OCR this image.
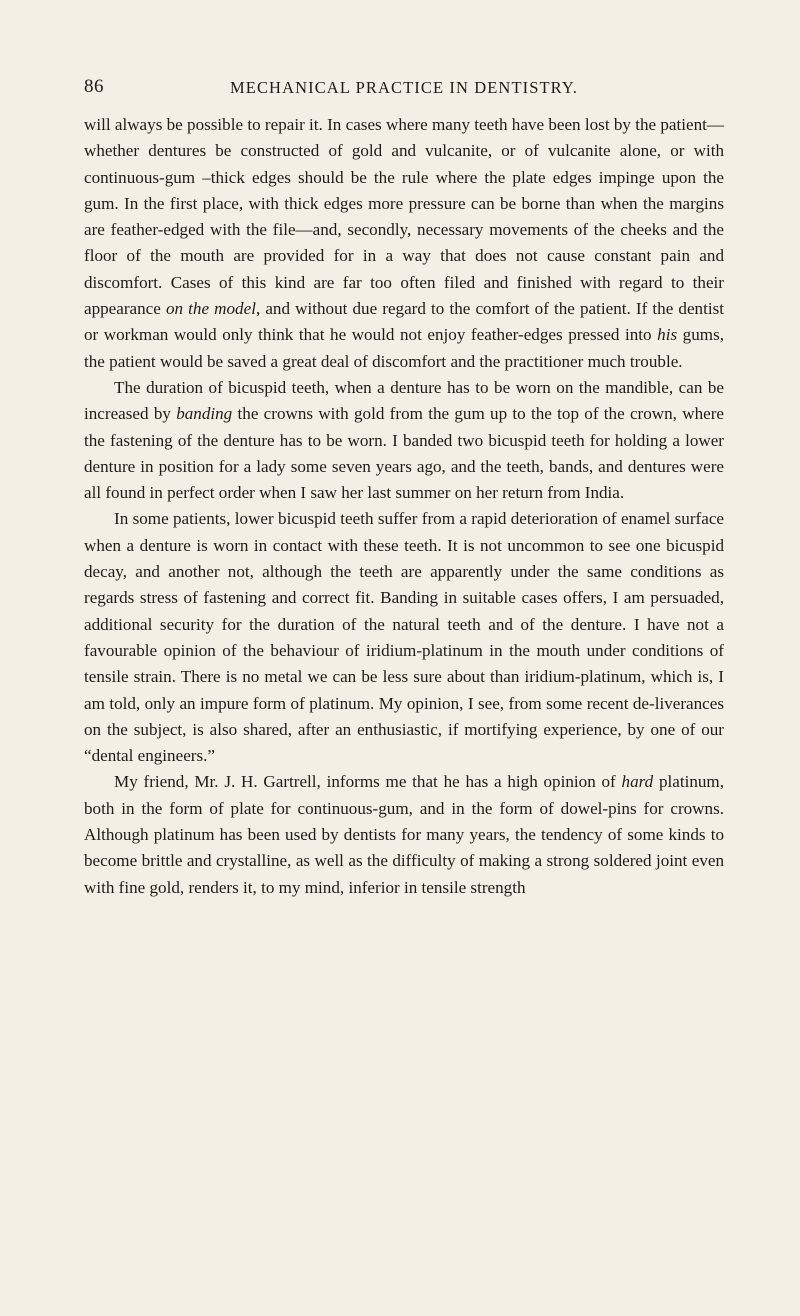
86	MECHANICAL PRACTICE IN DENTISTRY.

will always be possible to repair it. In cases where many teeth have been lost by the patient—whether dentures be constructed of gold and vulcanite, or of vulcanite alone, or with continuous-gum –thick edges should be the rule where the plate edges impinge upon the gum. In the first place, with thick edges more pressure can be borne than when the margins are feather-edged with the file—and, secondly, necessary movements of the cheeks and the floor of the mouth are provided for in a way that does not cause constant pain and discomfort. Cases of this kind are far too often filed and finished with regard to their appearance on the model, and without due regard to the comfort of the patient. If the dentist or workman would only think that he would not enjoy feather-edges pressed into his gums, the patient would be saved a great deal of discomfort and the practitioner much trouble.

The duration of bicuspid teeth, when a denture has to be worn on the mandible, can be increased by banding the crowns with gold from the gum up to the top of the crown, where the fastening of the denture has to be worn. I banded two bicuspid teeth for holding a lower denture in position for a lady some seven years ago, and the teeth, bands, and dentures were all found in perfect order when I saw her last summer on her return from India.

In some patients, lower bicuspid teeth suffer from a rapid deterioration of enamel surface when a denture is worn in contact with these teeth. It is not uncommon to see one bicuspid decay, and another not, although the teeth are apparently under the same conditions as regards stress of fastening and correct fit. Banding in suitable cases offers, I am persuaded, additional security for the duration of the natural teeth and of the denture. I have not a favourable opinion of the behaviour of iridium-platinum in the mouth under conditions of tensile strain. There is no metal we can be less sure about than iridium-platinum, which is, I am told, only an impure form of platinum. My opinion, I see, from some recent de-liverances on the subject, is also shared, after an enthusiastic, if mortifying experience, by one of our “dental engineers.”

My friend, Mr. J. H. Gartrell, informs me that he has a high opinion of hard platinum, both in the form of plate for continuous-gum, and in the form of dowel-pins for crowns. Although platinum has been used by dentists for many years, the tendency of some kinds to become brittle and crystalline, as well as the difficulty of making a strong soldered joint even with fine gold, renders it, to my mind, inferior in tensile strength
